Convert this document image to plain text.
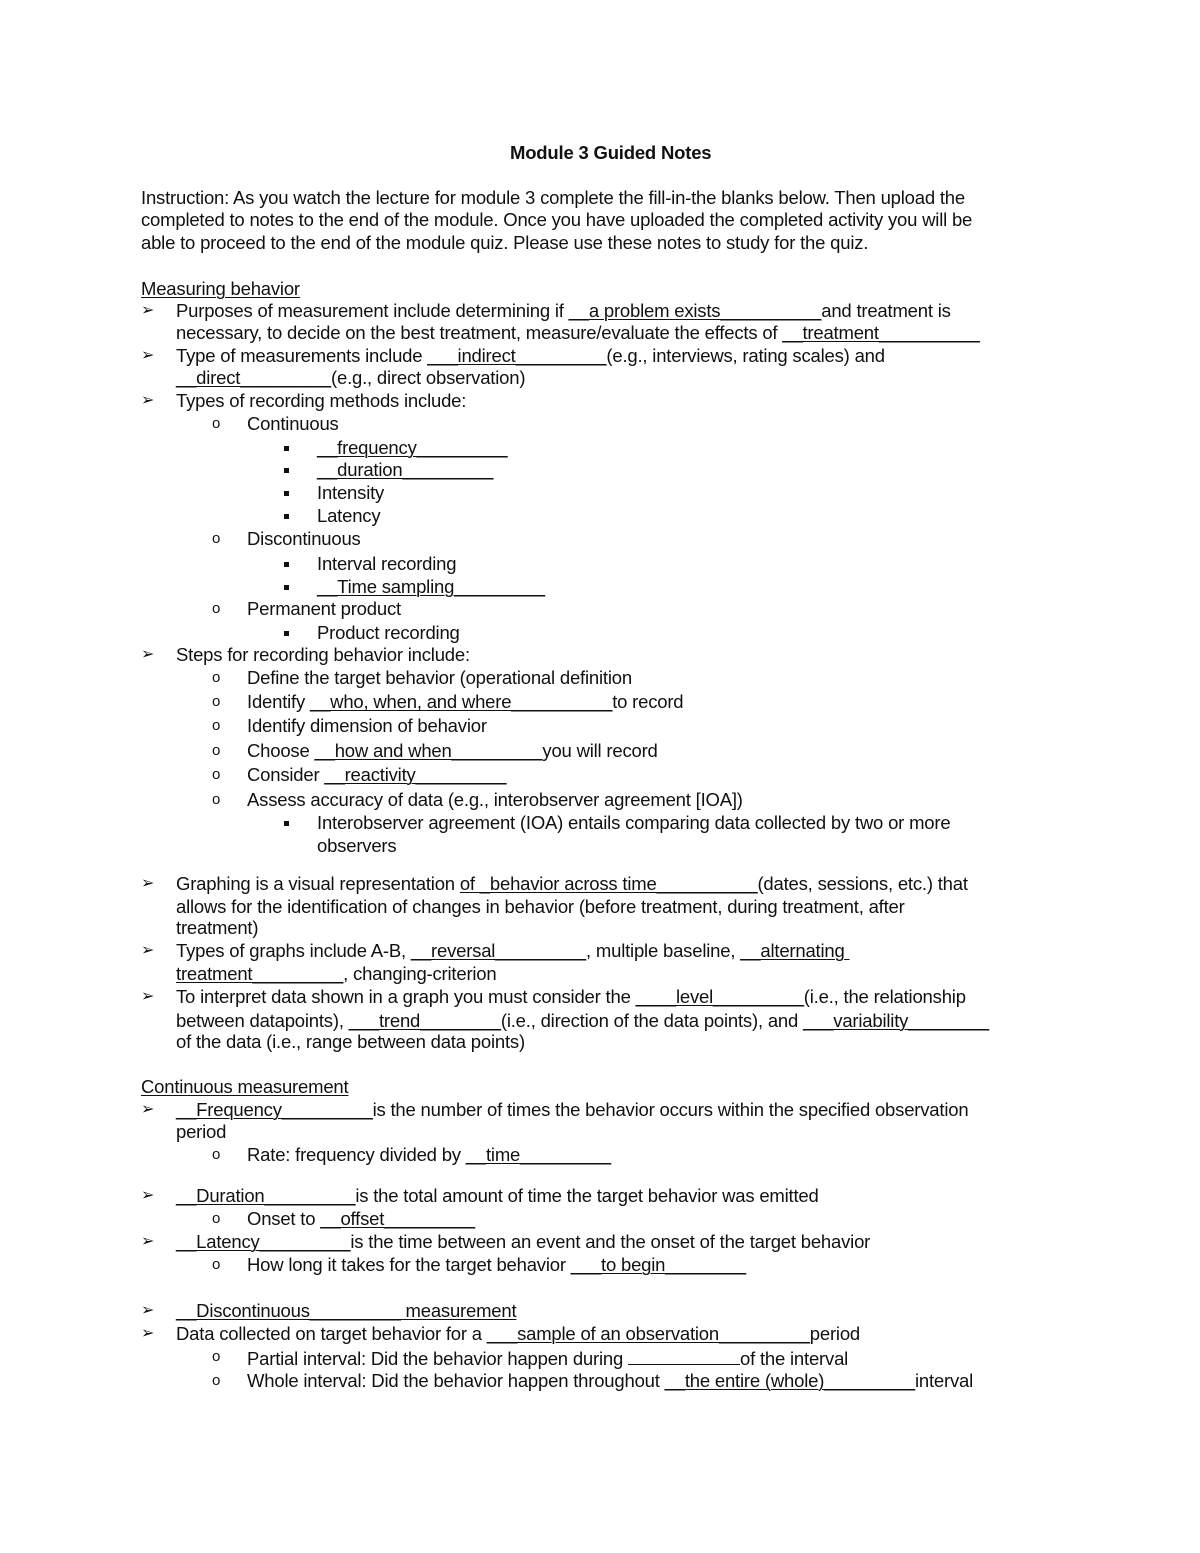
Module 3 Guided Notes
Instruction: As you watch the lecture for module 3 complete the fill-in-the blanks below. Then upload the
completed to notes to the end of the module. Once you have uploaded the completed activity you will be
able to proceed to the end of the module quiz. Please use these notes to study for the quiz.
Measuring behavior
➢ Purposes of measurement include determining if __a problem exists__________and treatment is
necessary, to decide on the best treatment, measure/evaluate the effects of __treatment__________
➢ Type of measurements include ___indirect_________(e.g., interviews, rating scales) and
__direct_________(e.g., direct observation)
➢ Types of recording methods include:
o Continuous
__frequency_________
__duration_________
Intensity
Latency
o Discontinuous
Interval recording
__Time sampling_________
o Permanent product
Product recording
➢ Steps for recording behavior include:
o Define the target behavior (operational definition
o Identify __who, when, and where__________to record
o Identify dimension of behavior
o Choose __how and when_________you will record
o Consider __reactivity_________
o Assess accuracy of data (e.g., interobserver agreement [IOA])
Interobserver agreement (IOA) entails comparing data collected by two or more
observers
➢ Graphing is a visual representation of _behavior across time__________(dates, sessions, etc.) that
allows for the identification of changes in behavior (before treatment, during treatment, after
treatment)
➢ Types of graphs include A-B, __reversal_________, multiple baseline, __alternating
treatment_________, changing-criterion
➢ To interpret data shown in a graph you must consider the ____level_________(i.e., the relationship
between datapoints), ___trend________(i.e., direction of the data points), and ___variability________
of the data (i.e., range between data points)
Continuous measurement
➢ __Frequency_________is the number of times the behavior occurs within the specified observation
period
o Rate: frequency divided by __time_________
➢ __Duration_________is the total amount of time the target behavior was emitted
o Onset to __offset_________
➢ __Latency_________is the time between an event and the onset of the target behavior
o How long it takes for the target behavior ___to begin________
➢ __Discontinuous_________ measurement
➢ Data collected on target behavior for a ___sample of an observation_________period
o Partial interval: Did the behavior happen during	of the interval
o Whole interval: Did the behavior happen throughout __the entire (whole)_________interval
